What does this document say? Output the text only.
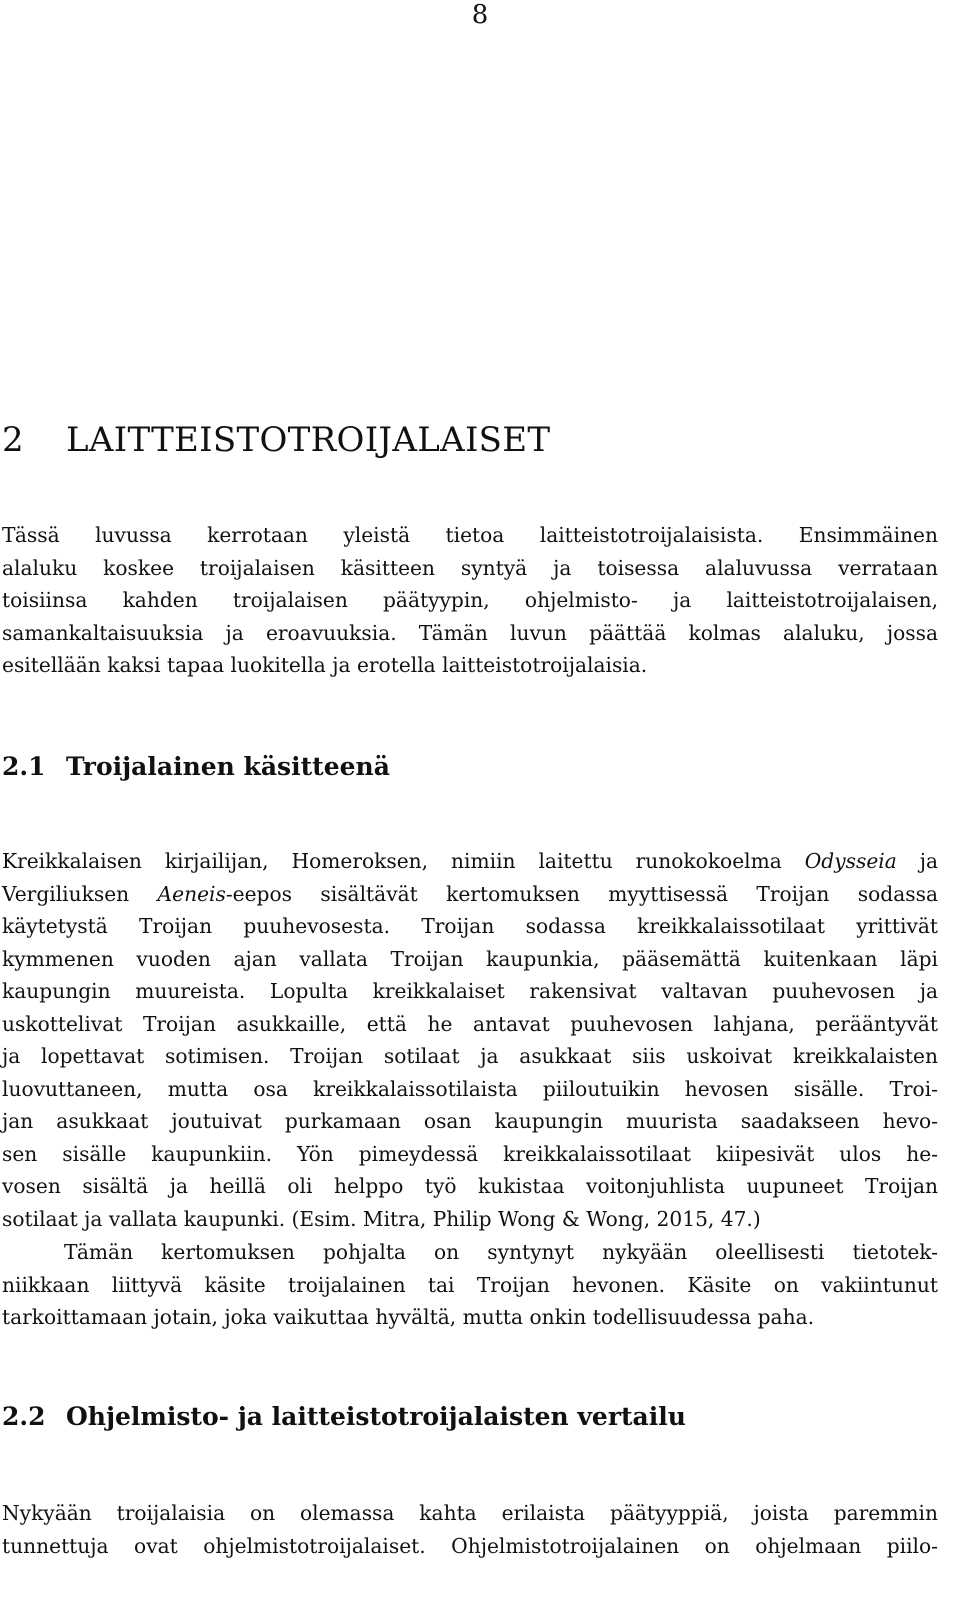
8
2 LAITTEISTOTROIJALAISET
Tässä luvussa kerrotaan yleistä tietoa laitteistotroijalaisista. Ensimmäinen
alaluku koskee troijalaisen käsitteen syntyä ja toisessa alaluvussa verrataan
toisiinsa kahden troijalaisen päätyypin, ohjelmisto- ja laitteistotroijalaisen,
samankaltaisuuksia ja eroavuuksia. Tämän luvun päättää kolmas alaluku, jossa
esitellään kaksi tapaa luokitella ja erotella laitteistotroijalaisia.
2.1 Troijalainen käsitteenä
Kreikkalaisen kirjailijan, Homeroksen, nimiin laitettu runokokoelma Odysseia ja
Vergiliuksen Aeneis-eepos sisältävät kertomuksen myyttisessä Troijan sodassa
käytetystä Troijan puuhevosesta. Troijan sodassa kreikkalaissotilaat yrittivät
kymmenen vuoden ajan vallata Troijan kaupunkia, pääsemättä kuitenkaan läpi
kaupungin muureista. Lopulta kreikkalaiset rakensivat valtavan puuhevosen ja
uskottelivat Troijan asukkaille, että he antavat puuhevosen lahjana, perääntyvät
ja lopettavat sotimisen. Troijan sotilaat ja asukkaat siis uskoivat kreikkalaisten
luovuttaneen, mutta osa kreikkalaissotilaista piiloutuikin hevosen sisälle. Troi-
jan asukkaat joutuivat purkamaan osan kaupungin muurista saadakseen hevo-
sen sisälle kaupunkiin. Yön pimeydessä kreikkalaissotilaat kiipesivät ulos he-
vosen sisältä ja heillä oli helppo työ kukistaa voitonjuhlista uupuneet Troijan
sotilaat ja vallata kaupunki. (Esim. Mitra, Philip Wong & Wong, 2015, 47.)
Tämän kertomuksen pohjalta on syntynyt nykyään oleellisesti tietotek-
niikkaan liittyvä käsite troijalainen tai Troijan hevonen. Käsite on vakiintunut
tarkoittamaan jotain, joka vaikuttaa hyvältä, mutta onkin todellisuudessa paha.
2.2 Ohjelmisto- ja laitteistotroijalaisten vertailu
Nykyään troijalaisia on olemassa kahta erilaista päätyyppiä, joista paremmin
tunnettuja ovat ohjelmistotroijalaiset. Ohjelmistotroijalainen on ohjelmaan piilo-
